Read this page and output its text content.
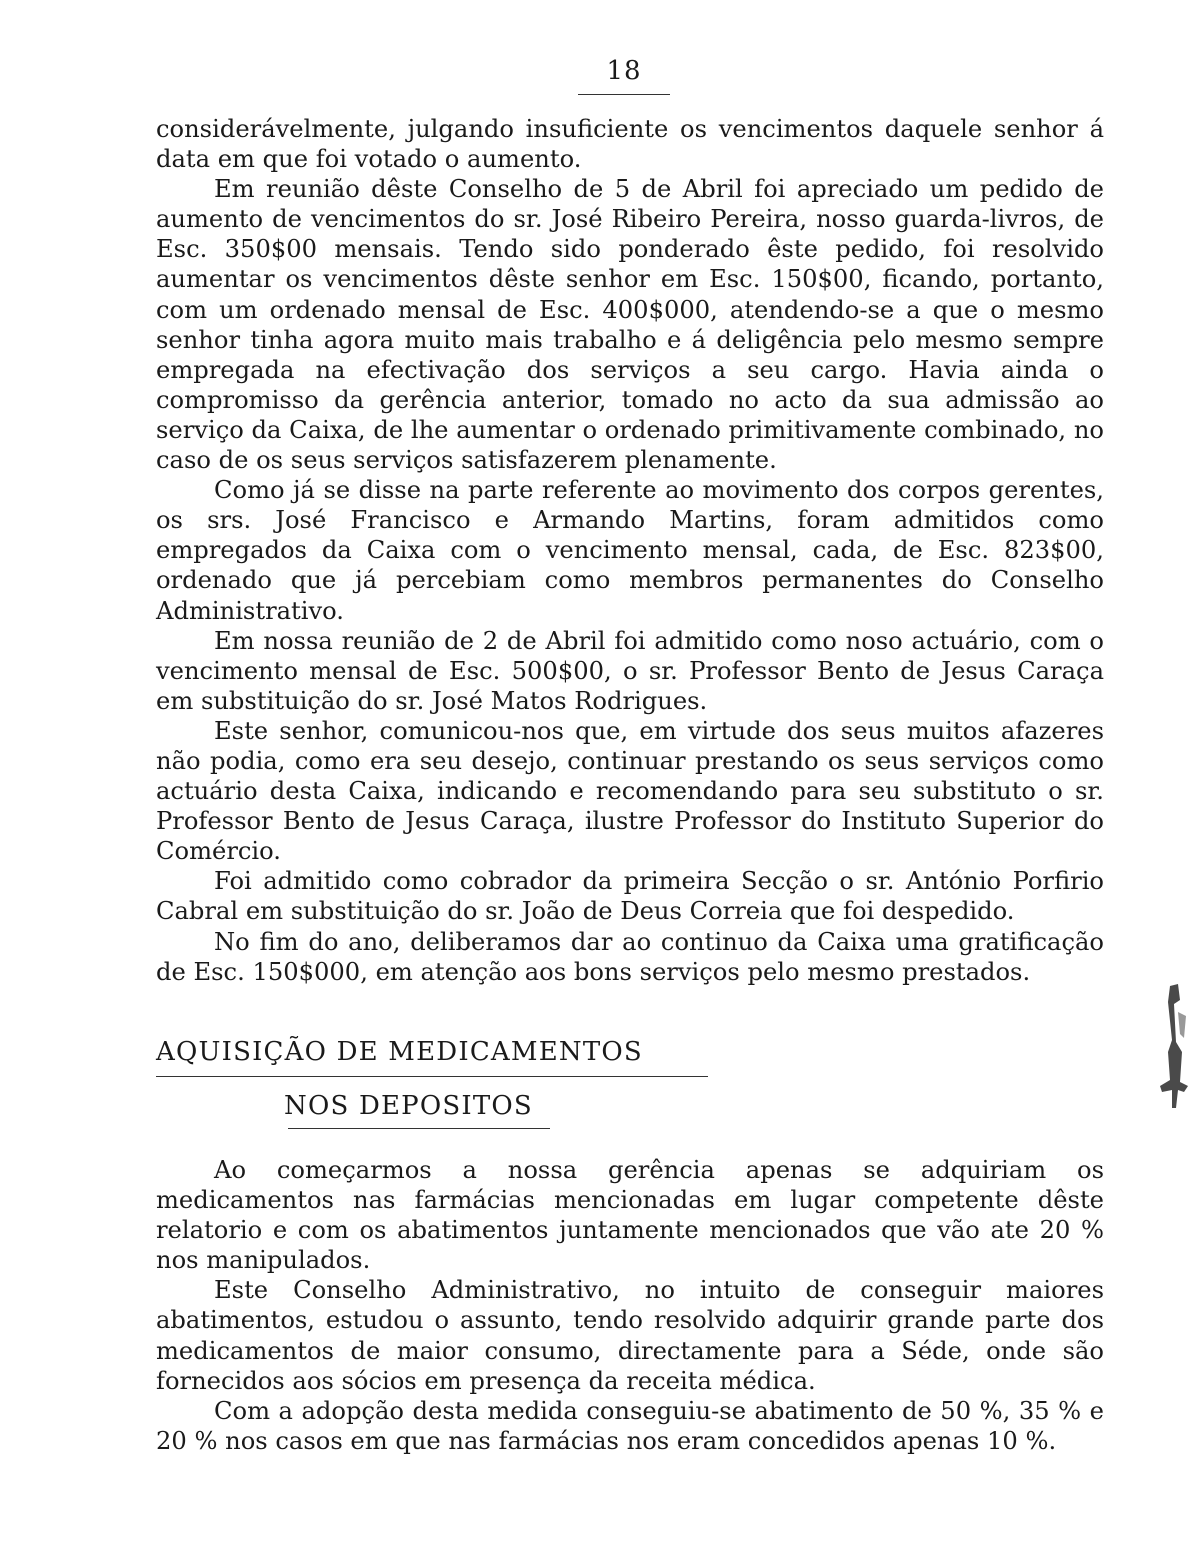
18

considerávelmente, julgando insuficiente os vencimentos daquele senhor á data em que foi votado o aumento.

Em reunião dêste Conselho de 5 de Abril foi apreciado um pedido de aumento de vencimentos do sr. José Ribeiro Pereira, nosso guarda-livros, de Esc. 350$00 mensais. Tendo sido ponderado êste pedido, foi resolvido aumentar os vencimentos dêste senhor em Esc. 150$00, ficando, portanto, com um ordenado mensal de Esc. 400$000, atendendo-se a que o mesmo senhor tinha agora muito mais trabalho e á deligência pelo mesmo sempre empregada na efectivação dos serviços a seu cargo. Havia ainda o compromisso da gerência anterior, tomado no acto da sua admissão ao serviço da Caixa, de lhe aumentar o ordenado primitivamente combinado, no caso de os seus serviços satisfazerem plenamente.

Como já se disse na parte referente ao movimento dos corpos gerentes, os srs. José Francisco e Armando Martins, foram admitidos como empregados da Caixa com o vencimento mensal, cada, de Esc. 823$00, ordenado que já percebiam como membros permanentes do Conselho Administrativo.

Em nossa reunião de 2 de Abril foi admitido como noso actuário, com o vencimento mensal de Esc. 500$00, o sr. Professor Bento de Jesus Caraça em substituição do sr. José Matos Rodrigues.

Este senhor, comunicou-nos que, em virtude dos seus muitos afazeres não podia, como era seu desejo, continuar prestando os seus serviços como actuário desta Caixa, indicando e recomendando para seu substituto o sr. Professor Bento de Jesus Caraça, ilustre Professor do Instituto Superior do Comércio.

Foi admitido como cobrador da primeira Secção o sr. António Porfirio Cabral em substituição do sr. João de Deus Correia que foi despedido.

No fim do ano, deliberamos dar ao continuo da Caixa uma gratificação de Esc. 150$000, em atenção aos bons serviços pelo mesmo prestados.

AQUISIÇÃO DE MEDICAMENTOS
NOS DEPOSITOS

Ao começarmos a nossa gerência apenas se adquiriam os medicamentos nas farmácias mencionadas em lugar competente dêste relatorio e com os abatimentos juntamente mencionados que vão ate 20 % nos manipulados.

Este Conselho Administrativo, no intuito de conseguir maiores abatimentos, estudou o assunto, tendo resolvido adquirir grande parte dos medicamentos de maior consumo, directamente para a Séde, onde são fornecidos aos sócios em presença da receita médica.

Com a adopção desta medida conseguiu-se abatimento de 50 %, 35 % e 20 % nos casos em que nas farmácias nos eram concedidos apenas 10 %.
